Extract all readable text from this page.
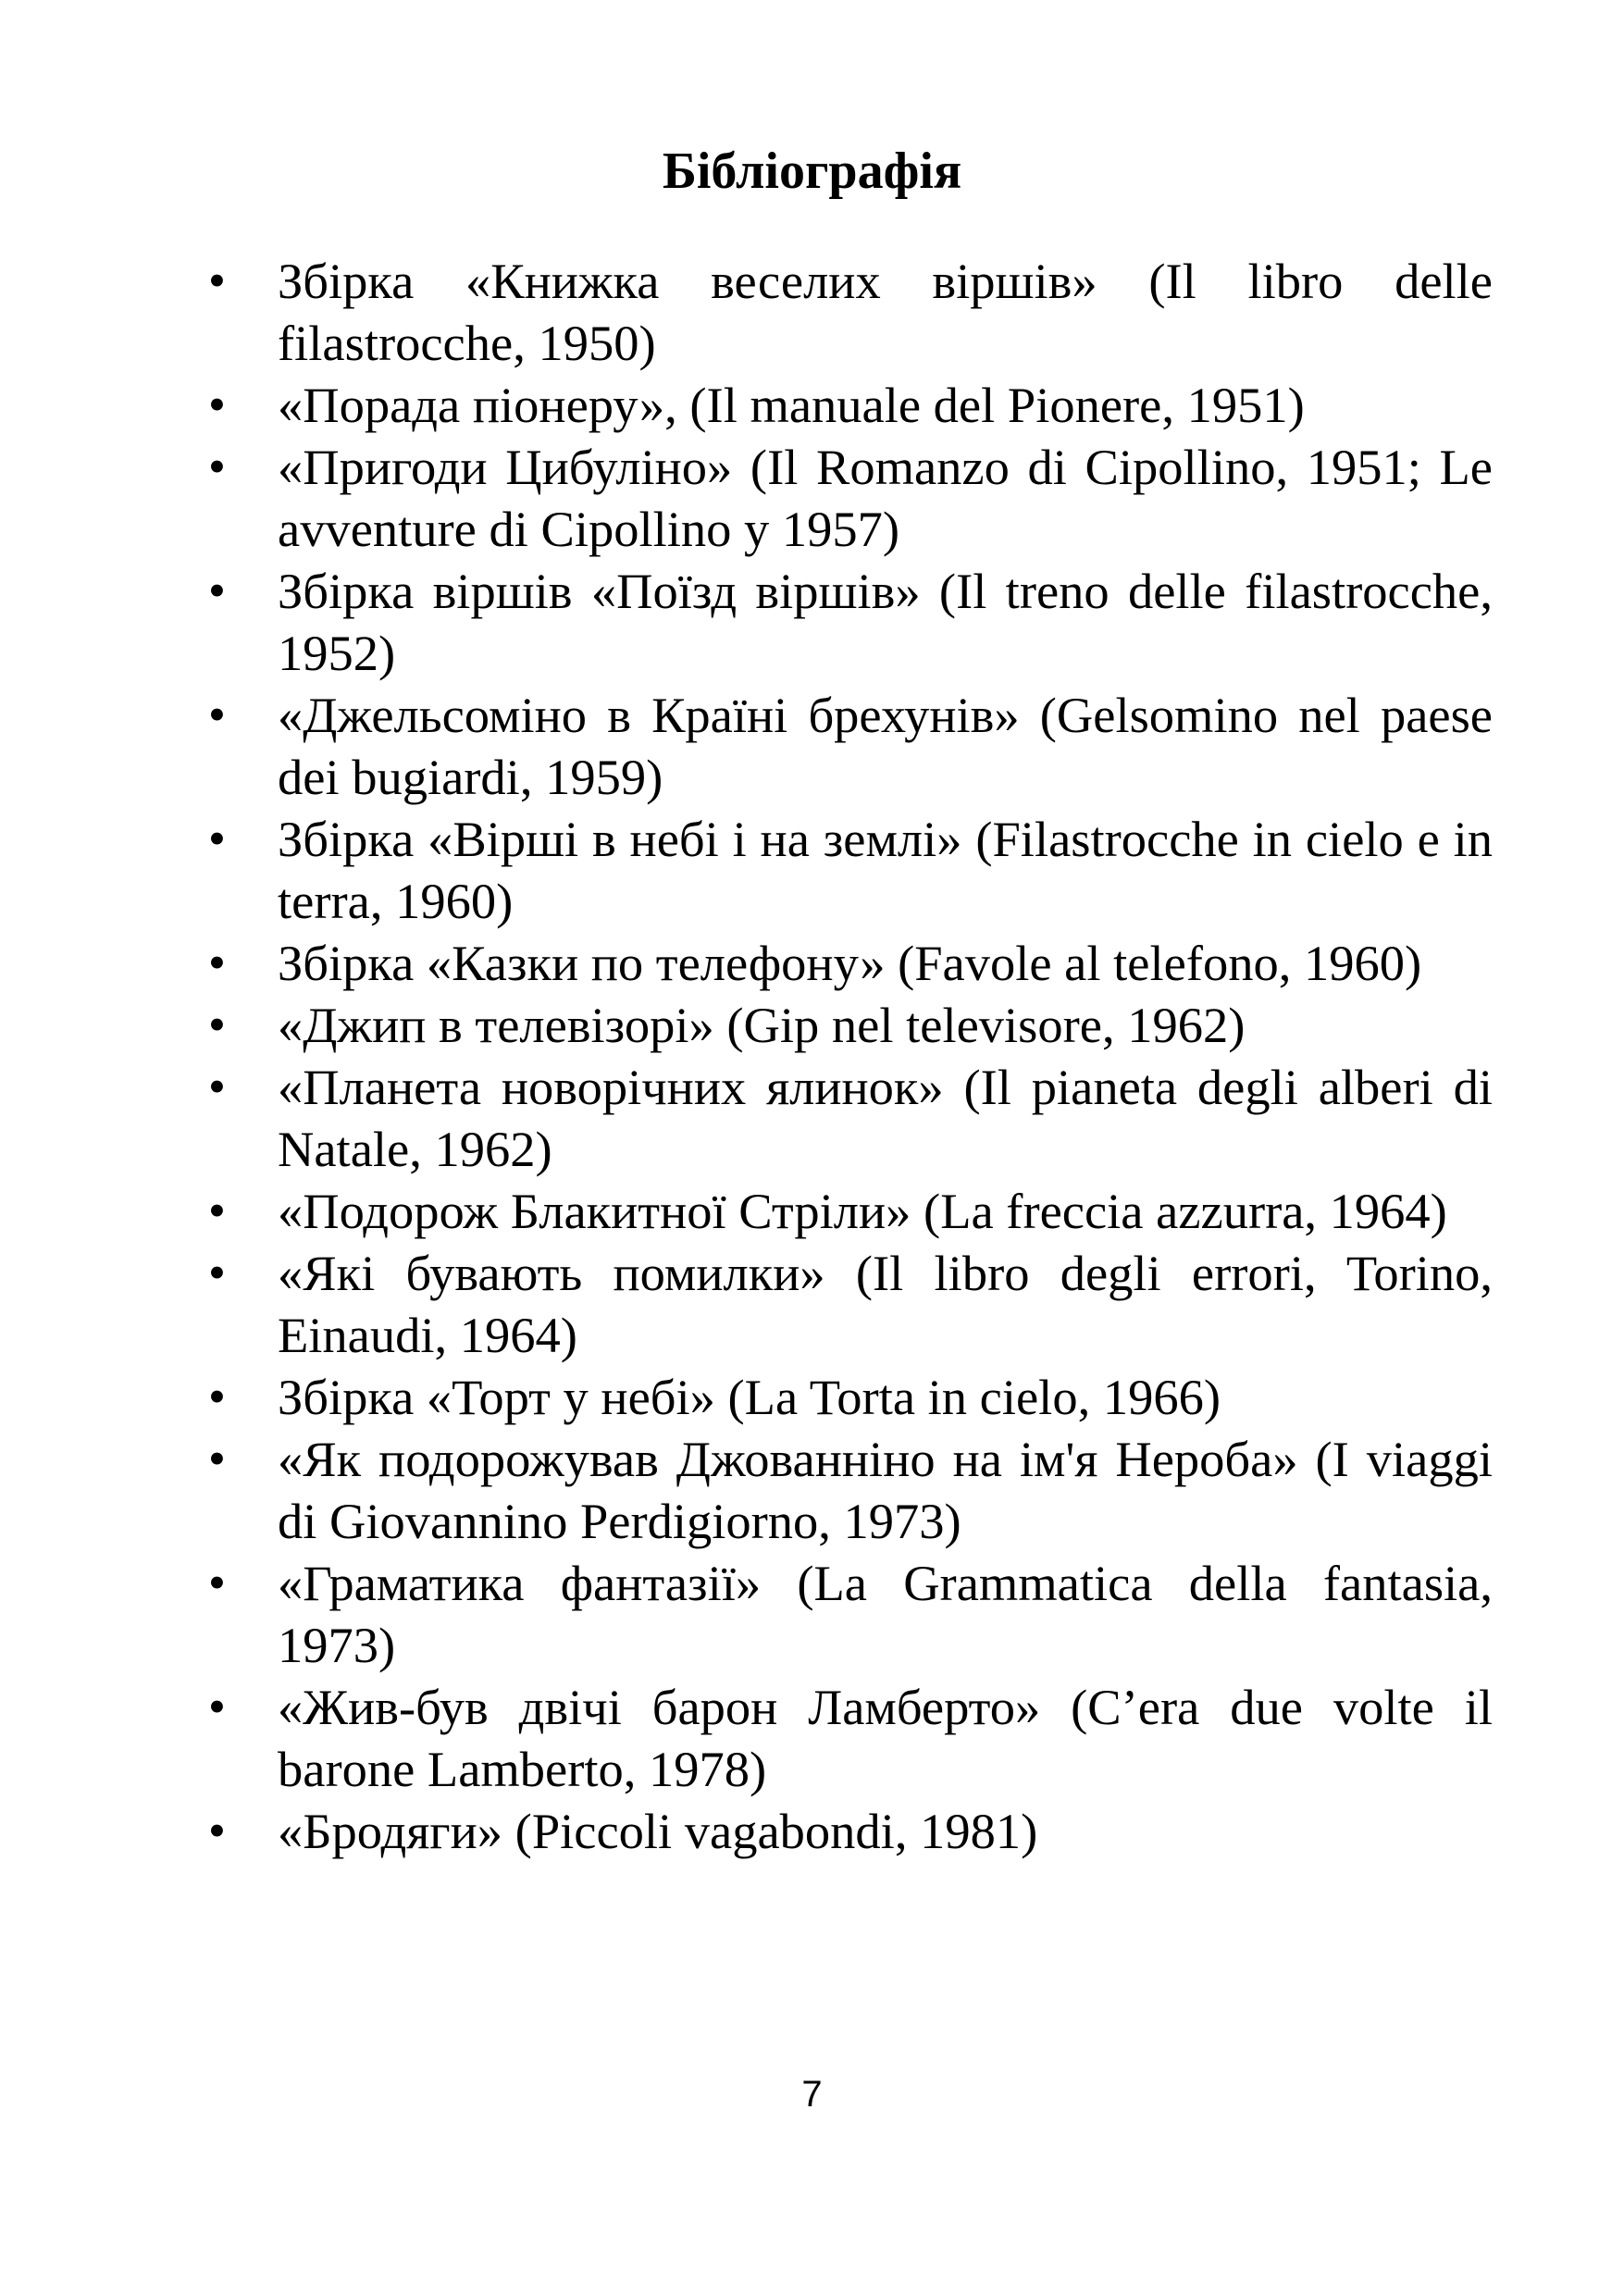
Бібліографія
• Збірка «Книжка веселих віршів» (Il libro delle filastrocche, 1950)
• «Порада піонеру», (Il manuale del Pionere, 1951)
• «Пригоди Цибуліно» (Il Romanzo di Cipollino, 1951; Le avventure di Cipollino у 1957)
• Збірка віршів «Поїзд віршів» (Il treno delle filastrocche, 1952)
• «Джельсоміно в Країні брехунів» (Gelsomino nel paese dei bugiardi, 1959)
• Збірка «Вірші в небі і на землі» (Filastrocche in cielo e in terra, 1960)
• Збірка «Казки по телефону» (Favole al telefono, 1960)
• «Джип в телевізорі» (Gip nel televisore, 1962)
• «Планета новорічних ялинок» (Il pianeta degli alberi di Natale, 1962)
• «Подорож Блакитної Стріли» (La freccia azzurra, 1964)
• «Які бувають помилки» (Il libro degli errori, Torino, Einaudi, 1964)
• Збірка «Торт у небі» (La Torta in cielo, 1966)
• «Як подорожував Джованніно на ім'я Нероба» (I viaggi di Giovannino Perdigiorno, 1973)
• «Граматика фантазії» (La Grammatica della fantasia, 1973)
• «Жив-був двічі барон Ламберто» (C’era due volte il barone Lamberto, 1978)
• «Бродяги» (Piccoli vagabondi, 1981)
7
